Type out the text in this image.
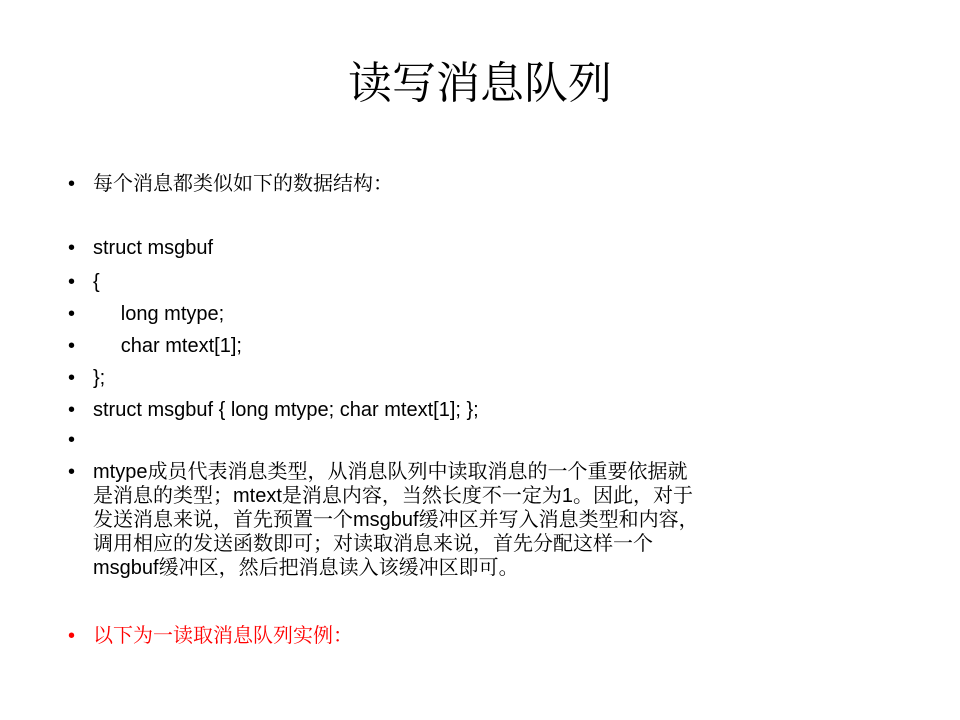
读写消息队列
• 每个消息都类似如下的数据结构：
• struct msgbuf
• {
• long mtype;
• char mtext[1];
• };
• struct msgbuf { long mtype; char mtext[1]; };
•
• mtype成员代表消息类型，从消息队列中读取消息的一个重要依据就
是消息的类型；mtext是消息内容，当然长度不一定为1。因此，对于
发送消息来说，首先预置一个msgbuf缓冲区并写入消息类型和内容，
调用相应的发送函数即可；对读取消息来说，首先分配这样一个
msgbuf缓冲区，然后把消息读入该缓冲区即可。
• 以下为一读取消息队列实例：
